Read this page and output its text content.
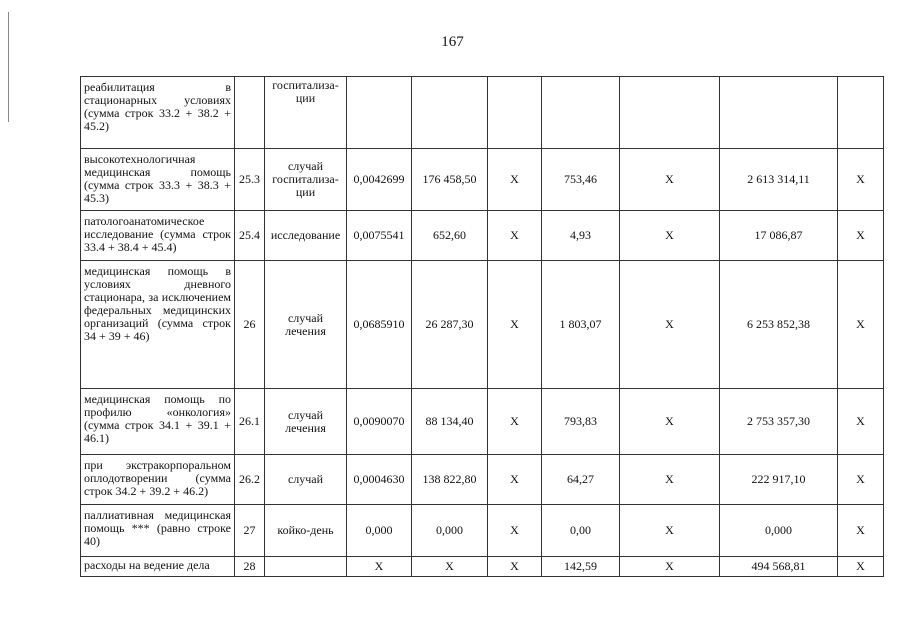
167
реабилитация в стационарных условиях (сумма строк 33.2 + 38.2 + 45.2)		госпитализа-ции							
высокотехнологичная медицинская помощь (сумма строк 33.3 + 38.3 + 45.3)	25.3	случай госпитализа-ции	0,0042699	176 458,50	Х	753,46	Х	2 613 314,11	Х
патологоанатомическое исследование (сумма строк 33.4 + 38.4 + 45.4)	25.4	исследование	0,0075541	652,60	Х	4,93	Х	17 086,87	Х
медицинская помощь в условиях дневного стационара, за исключением федеральных медицинских организаций (сумма строк 34 + 39 + 46)	26	случай лечения	0,0685910	26 287,30	Х	1 803,07	Х	6 253 852,38	Х
медицинская помощь по профилю «онкология» (сумма строк 34.1 + 39.1 + 46.1)	26.1	случай лечения	0,0090070	88 134,40	Х	793,83	Х	2 753 357,30	Х
при экстракорпоральном оплодотворении (сумма строк 34.2 + 39.2 + 46.2)	26.2	случай	0,0004630	138 822,80	Х	64,27	Х	222 917,10	Х
паллиативная медицинская помощь *** (равно строке 40)	27	койко-день	0,000	0,000	Х	0,00	Х	0,000	Х
расходы на ведение дела	28		Х	Х	Х	142,59	Х	494 568,81	Х
